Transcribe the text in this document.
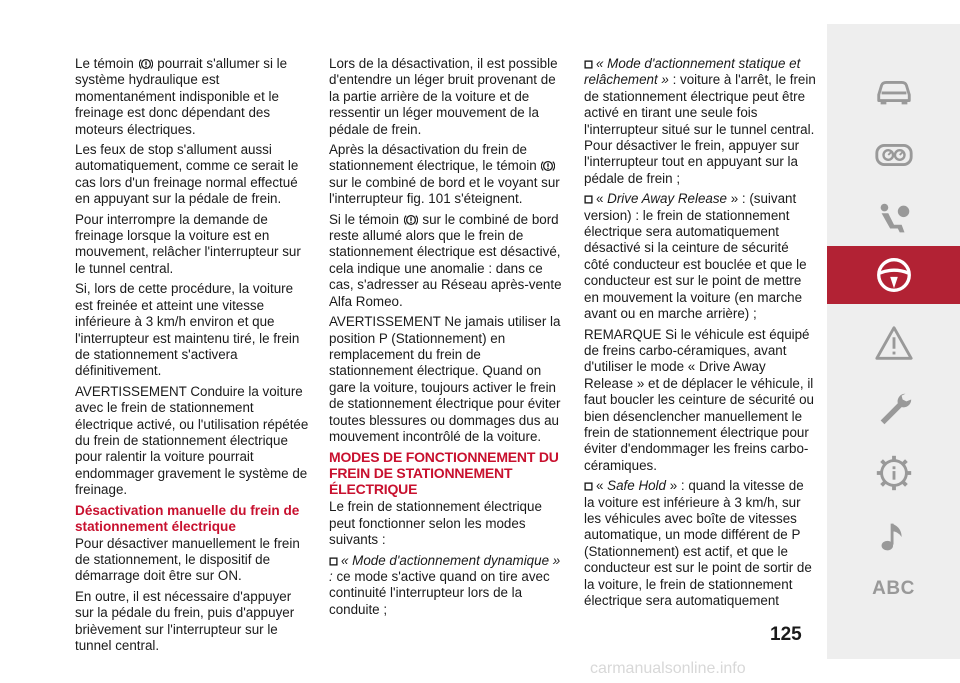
Le témoin  pourrait s'allumer si le système hydraulique est momentanément indisponible et le freinage est donc dépendant des moteurs électriques.

Les feux de stop s'allument aussi automatiquement, comme ce serait le cas lors d'un freinage normal effectué en appuyant sur la pédale de frein.

Pour interrompre la demande de freinage lorsque la voiture est en mouvement, relâcher l'interrupteur sur le tunnel central.

Si, lors de cette procédure, la voiture est freinée et atteint une vitesse inférieure à 3 km/h environ et que l'interrupteur est maintenu tiré, le frein de stationnement s'activera définitivement.

AVERTISSEMENT Conduire la voiture avec le frein de stationnement électrique activé, ou l'utilisation répétée du frein de stationnement électrique pour ralentir la voiture pourrait endommager gravement le système de freinage.

Désactivation manuelle du frein de stationnement électrique

Pour désactiver manuellement le frein de stationnement, le dispositif de démarrage doit être sur ON.

En outre, il est nécessaire d'appuyer sur la pédale du frein, puis d'appuyer brièvement sur l'interrupteur sur le tunnel central.

Lors de la désactivation, il est possible d'entendre un léger bruit provenant de la partie arrière de la voiture et de ressentir un léger mouvement de la pédale de frein.

Après la désactivation du frein de stationnement électrique, le témoin  sur le combiné de bord et le voyant sur l'interrupteur fig. 101 s'éteignent.

Si le témoin  sur le combiné de bord reste allumé alors que le frein de stationnement électrique est désactivé, cela indique une anomalie : dans ce cas, s'adresser au Réseau après-vente Alfa Romeo.

AVERTISSEMENT Ne jamais utiliser la position P (Stationnement) en remplacement du frein de stationnement électrique. Quand on gare la voiture, toujours activer le frein de stationnement électrique pour éviter toutes blessures ou dommages dus au mouvement incontrôlé de la voiture.

MODES DE FONCTIONNEMENT DU FREIN DE STATIONNEMENT ÉLECTRIQUE

Le frein de stationnement électrique peut fonctionner selon les modes suivants :

« Mode d'actionnement dynamique » : ce mode s'active quand on tire avec continuité l'interrupteur lors de la conduite ;

« Mode d'actionnement statique et relâchement » : voiture à l'arrêt, le frein de stationnement électrique peut être activé en tirant une seule fois l'interrupteur situé sur le tunnel central. Pour désactiver le frein, appuyer sur l'interrupteur tout en appuyant sur la pédale de frein ;

« Drive Away Release » : (suivant version) : le frein de stationnement électrique sera automatiquement désactivé si la ceinture de sécurité côté conducteur est bouclée et que le conducteur est sur le point de mettre en mouvement la voiture (en marche avant ou en marche arrière) ;

REMARQUE Si le véhicule est équipé de freins carbo-céramiques, avant d'utiliser le mode « Drive Away Release » et de déplacer le véhicule, il faut boucler les ceinture de sécurité ou bien désenclencher manuellement le frein de stationnement électrique pour éviter d'endommager les freins carbo-céramiques.

« Safe Hold » : quand la vitesse de la voiture est inférieure à 3 km/h, sur les véhicules avec boîte de vitesses automatique, un mode différent de P (Stationnement) est actif, et que le conducteur est sur le point de sortir de la voiture, le frein de stationnement électrique sera automatiquement

ABC
125
carmanualsonline.info
